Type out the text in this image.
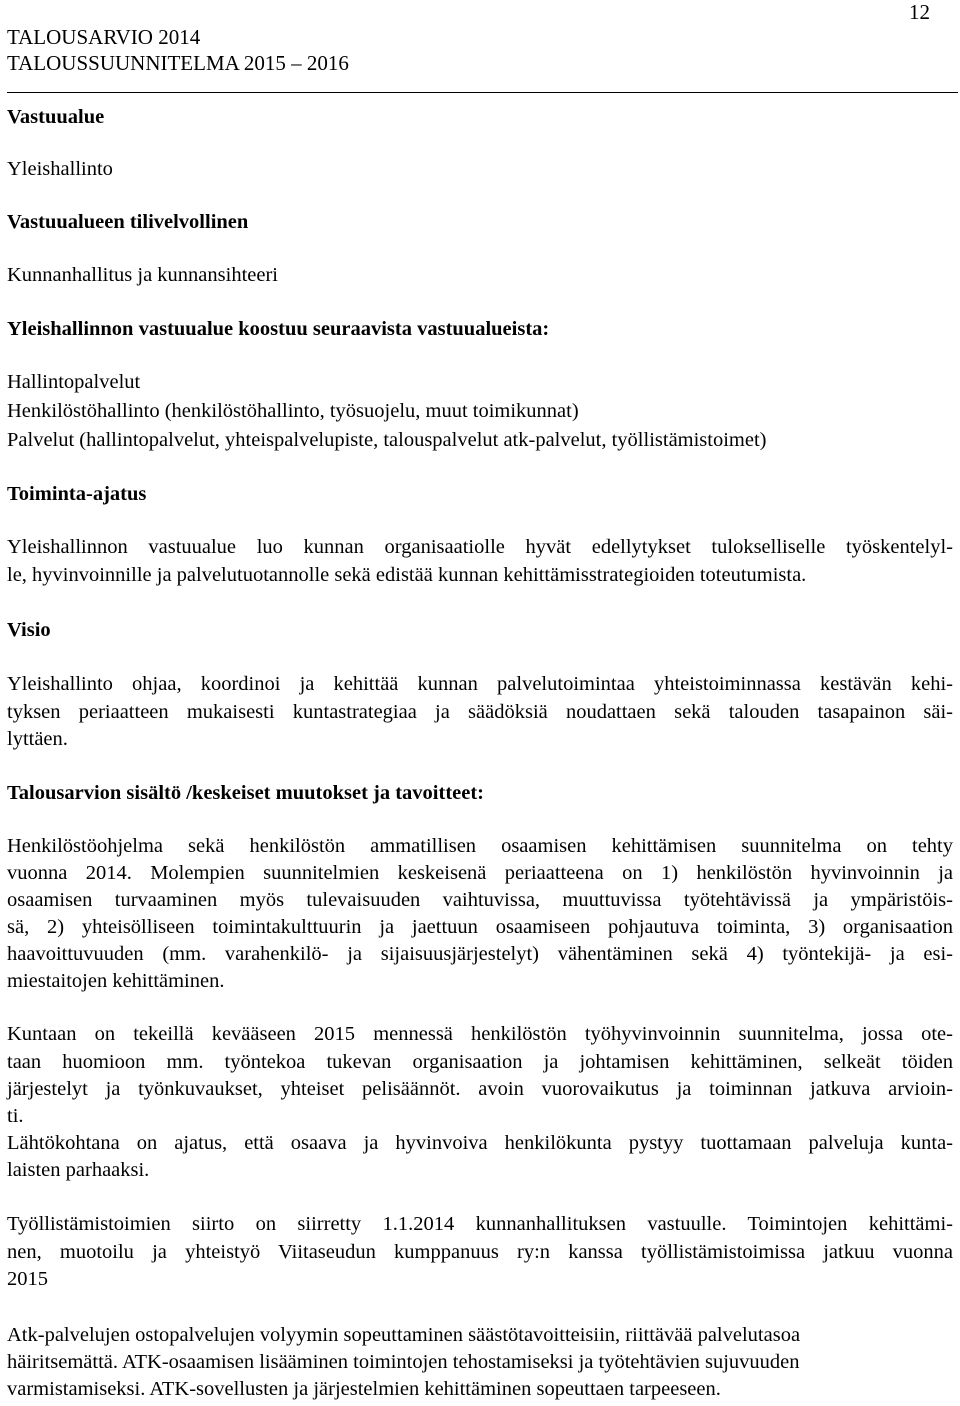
12
TALOUSARVIO 2014
TALOUSSUUNNITELMA 2015 – 2016
Vastuualue
Yleishallinto
Vastuualueen tilivelvollinen
Kunnanhallitus ja kunnansihteeri
Yleishallinnon vastuualue koostuu seuraavista vastuualueista:
Hallintopalvelut
Henkilöstöhallinto (henkilöstöhallinto, työsuojelu, muut toimikunnat)
Palvelut (hallintopalvelut, yhteispalvelupiste, talouspalvelut atk-palvelut, työllistämistoimet)
Toiminta-ajatus
Yleishallinnon vastuualue luo kunnan organisaatiolle hyvät edellytykset tulokselliselle työskentelyl-
le, hyvinvoinnille ja palvelutuotannolle sekä edistää kunnan kehittämisstrategioiden toteutumista.
Visio
Yleishallinto ohjaa, koordinoi ja kehittää kunnan palvelutoimintaa yhteistoiminnassa kestävän kehi-
tyksen periaatteen mukaisesti kuntastrategiaa ja säädöksiä noudattaen sekä talouden tasapainon säi-
lyttäen.
Talousarvion sisältö /keskeiset muutokset ja tavoitteet:
Henkilöstöohjelma sekä henkilöstön ammatillisen osaamisen kehittämisen suunnitelma on tehty
vuonna 2014. Molempien suunnitelmien keskeisenä periaatteena on 1) henkilöstön hyvinvoinnin ja
osaamisen turvaaminen myös tulevaisuuden vaihtuvissa, muuttuvissa työtehtävissä ja ympäristöis-
sä, 2) yhteisölliseen toimintakulttuurin ja jaettuun osaamiseen pohjautuva toiminta, 3) organisaation
haavoittuvuuden (mm. varahenkilö- ja sijaisuusjärjestelyt) vähentäminen sekä 4) työntekijä- ja esi-
miestaitojen kehittäminen.
Kuntaan on tekeillä kevääseen 2015 mennessä henkilöstön työhyvinvoinnin suunnitelma, jossa ote-
taan huomioon mm. työntekoa tukevan organisaation ja johtamisen kehittäminen, selkeät töiden
järjestelyt ja työnkuvaukset, yhteiset pelisäännöt. avoin vuorovaikutus ja toiminnan jatkuva arvioin-
ti.
Lähtökohtana on ajatus, että osaava ja hyvinvoiva henkilökunta pystyy tuottamaan palveluja kunta-
laisten parhaaksi.
Työllistämistoimien siirto on siirretty 1.1.2014 kunnanhallituksen vastuulle. Toimintojen kehittämi-
nen, muotoilu ja yhteistyö Viitaseudun kumppanuus ry:n kanssa työllistämistoimissa jatkuu vuonna
2015
Atk-palvelujen ostopalvelujen volyymin sopeuttaminen säästötavoitteisiin, riittävää palvelutasoa
häiritsemättä. ATK-osaamisen lisääminen toimintojen tehostamiseksi ja työtehtävien sujuvuuden
varmistamiseksi. ATK-sovellusten ja järjestelmien kehittäminen sopeuttaen tarpeeseen.
